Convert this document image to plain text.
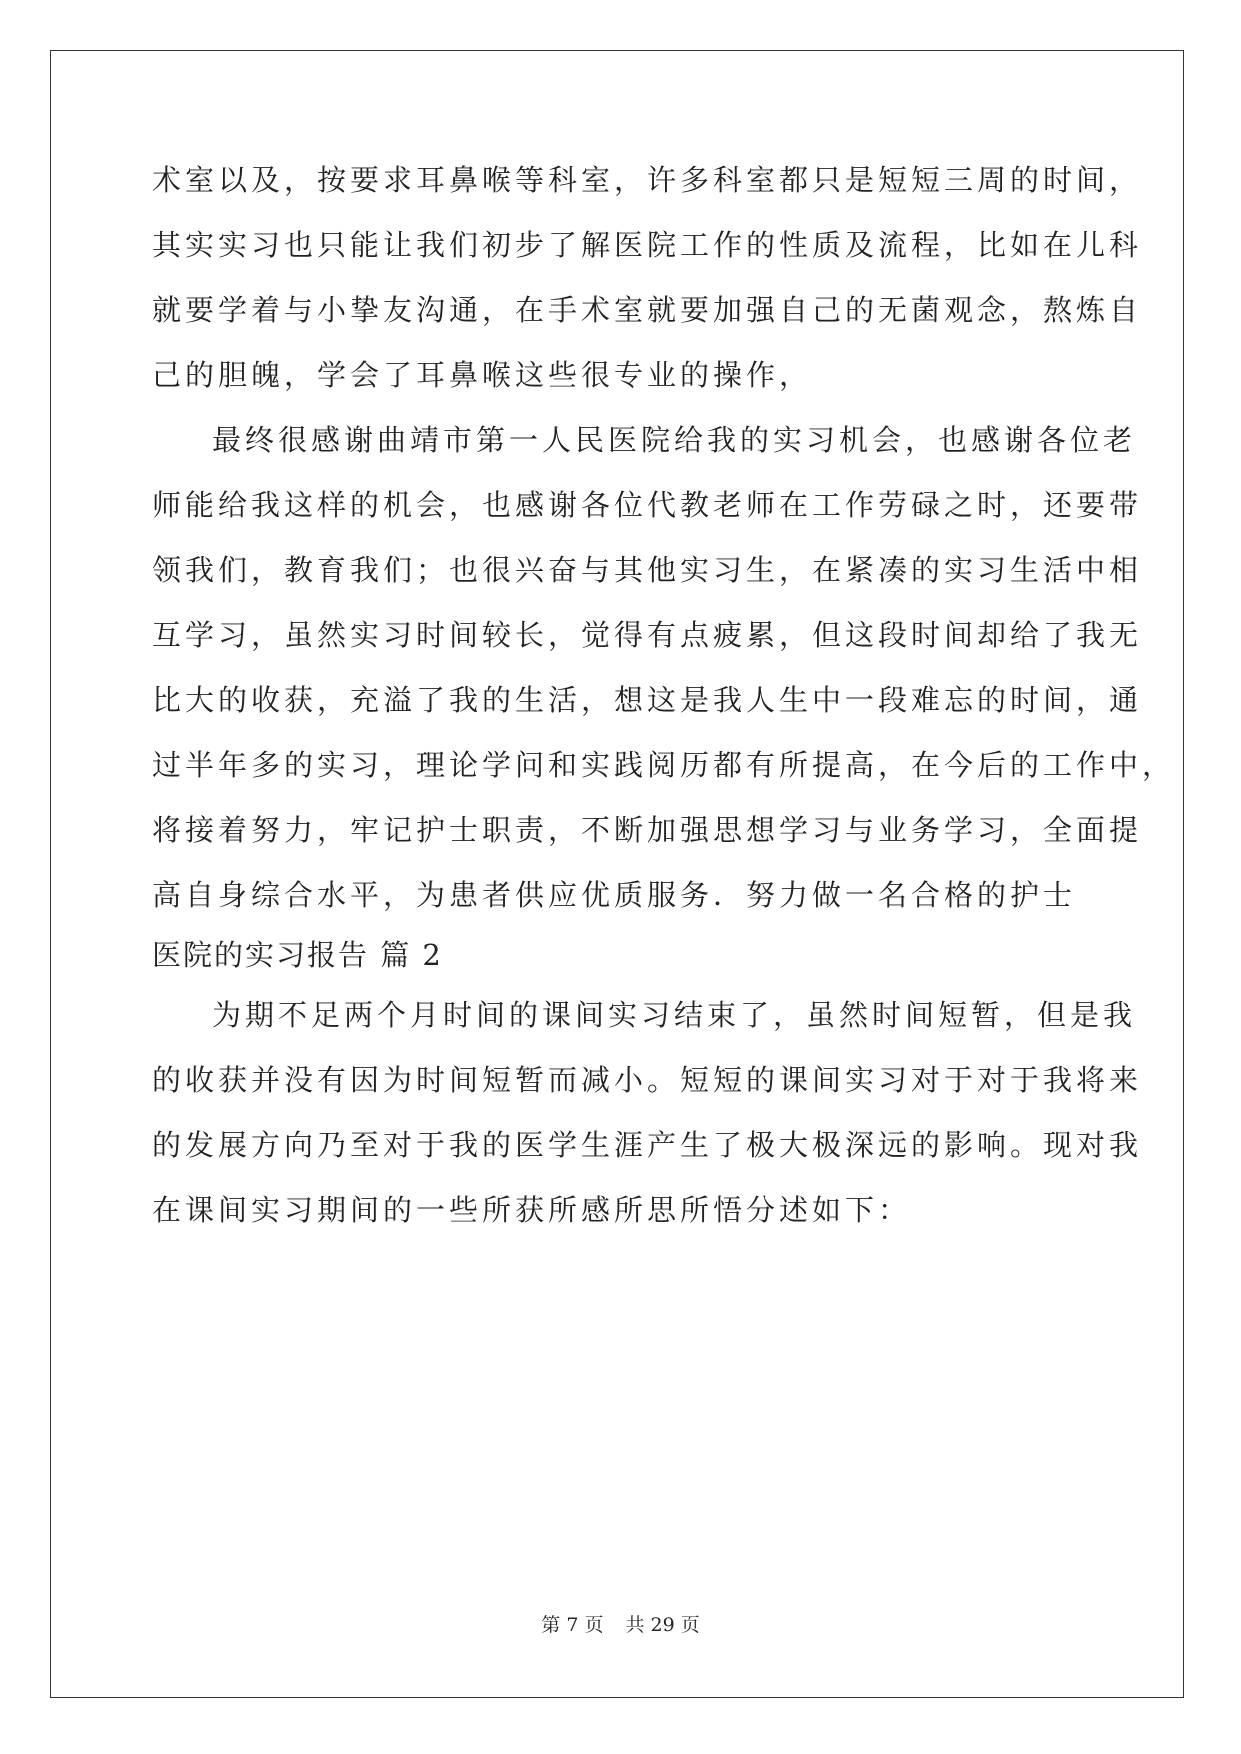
术室以及，按要求耳鼻喉等科室，许多科室都只是短短三周的时间，
其实实习也只能让我们初步了解医院工作的性质及流程，比如在儿科
就要学着与小挚友沟通，在手术室就要加强自己的无菌观念，熬炼自
己的胆魄，学会了耳鼻喉这些很专业的操作，
最终很感谢曲靖市第一人民医院给我的实习机会，也感谢各位老
师能给我这样的机会，也感谢各位代教老师在工作劳碌之时，还要带
领我们，教育我们；也很兴奋与其他实习生，在紧凑的实习生活中相
互学习，虽然实习时间较长，觉得有点疲累，但这段时间却给了我无
比大的收获，充溢了我的生活，想这是我人生中一段难忘的时间，通
过半年多的实习，理论学问和实践阅历都有所提高，在今后的工作中，
将接着努力，牢记护士职责，不断加强思想学习与业务学习，全面提
高自身综合水平，为患者供应优质服务．努力做一名合格的护士
医院的实习报告 篇 2
为期不足两个月时间的课间实习结束了，虽然时间短暂，但是我
的收获并没有因为时间短暂而减小。短短的课间实习对于对于我将来
的发展方向乃至对于我的医学生涯产生了极大极深远的影响。现对我
在课间实习期间的一些所获所感所思所悟分述如下：
第 7 页 共 29 页
